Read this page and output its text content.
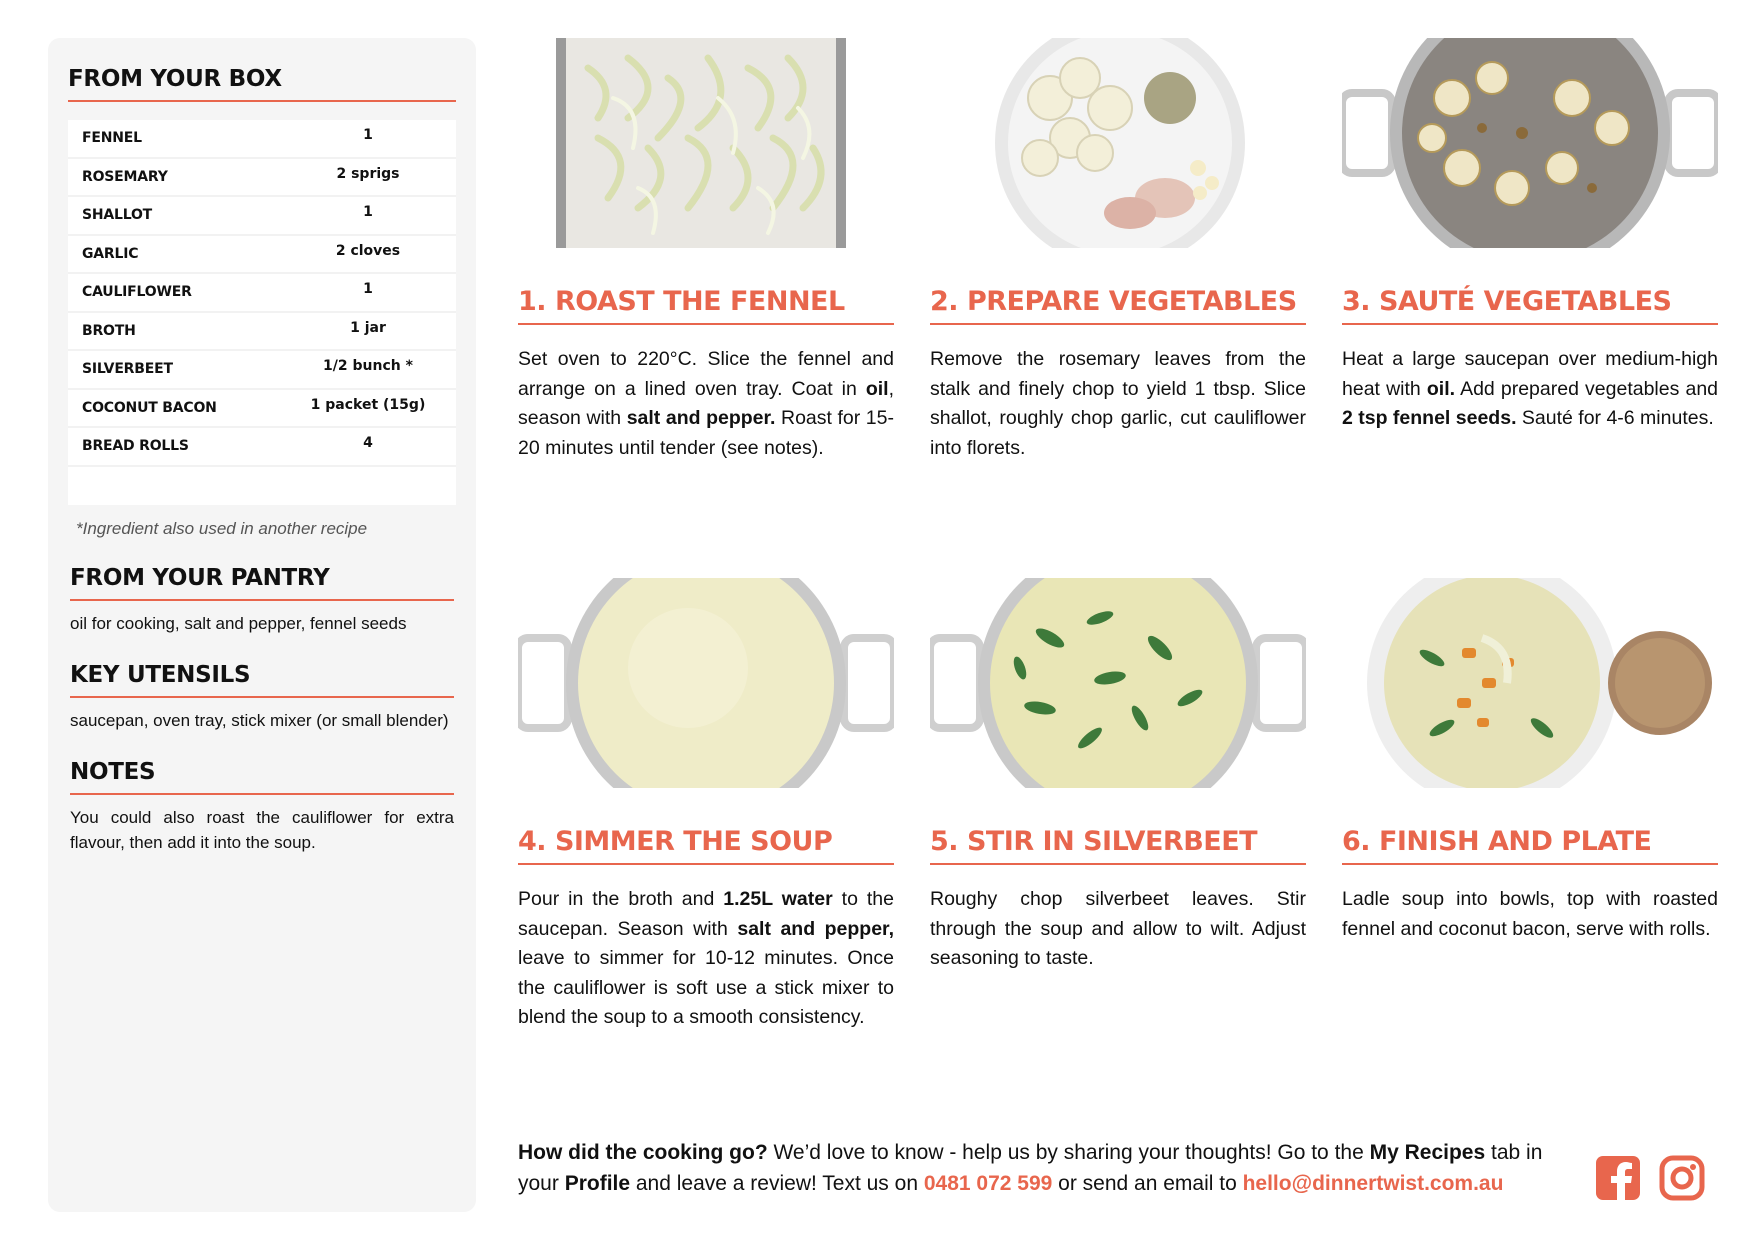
FROM YOUR BOX
FENNEL	1
ROSEMARY	2 sprigs
SHALLOT	1
GARLIC	2 cloves
CAULIFLOWER	1
BROTH	1 jar
SILVERBEET	1/2 bunch *
COCONUT BACON	1 packet (15g)
BREAD ROLLS	4
*Ingredient also used in another recipe
FROM YOUR PANTRY
oil for cooking, salt and pepper, fennel seeds
KEY UTENSILS
saucepan, oven tray, stick mixer (or small blender)
NOTES
You could also roast the cauliflower for extra flavour, then add it into the soup.
1. ROAST THE FENNEL
Set oven to 220°C. Slice the fennel and arrange on a lined oven tray. Coat in oil, season with salt and pepper. Roast for 15-20 minutes until tender (see notes).
2. PREPARE VEGETABLES
Remove the rosemary leaves from the stalk and finely chop to yield 1 tbsp. Slice shallot, roughly chop garlic, cut cauliflower into florets.
3. SAUTÉ VEGETABLES
Heat a large saucepan over medium-high heat with oil. Add prepared vegetables and 2 tsp fennel seeds. Sauté for 4-6 minutes.
4. SIMMER THE SOUP
Pour in the broth and 1.25L water to the saucepan. Season with salt and pepper, leave to simmer for 10-12 minutes. Once the cauliflower is soft use a stick mixer to blend the soup to a smooth consistency.
5. STIR IN SILVERBEET
Roughy chop silverbeet leaves. Stir through the soup and allow to wilt. Adjust seasoning to taste.
6. FINISH AND PLATE
Ladle soup into bowls, top with roasted fennel and coconut bacon, serve with rolls.
How did the cooking go? We’d love to know - help us by sharing your thoughts! Go to the My Recipes tab in your Profile and leave a review! Text us on 0481 072 599 or send an email to hello@dinnertwist.com.au
